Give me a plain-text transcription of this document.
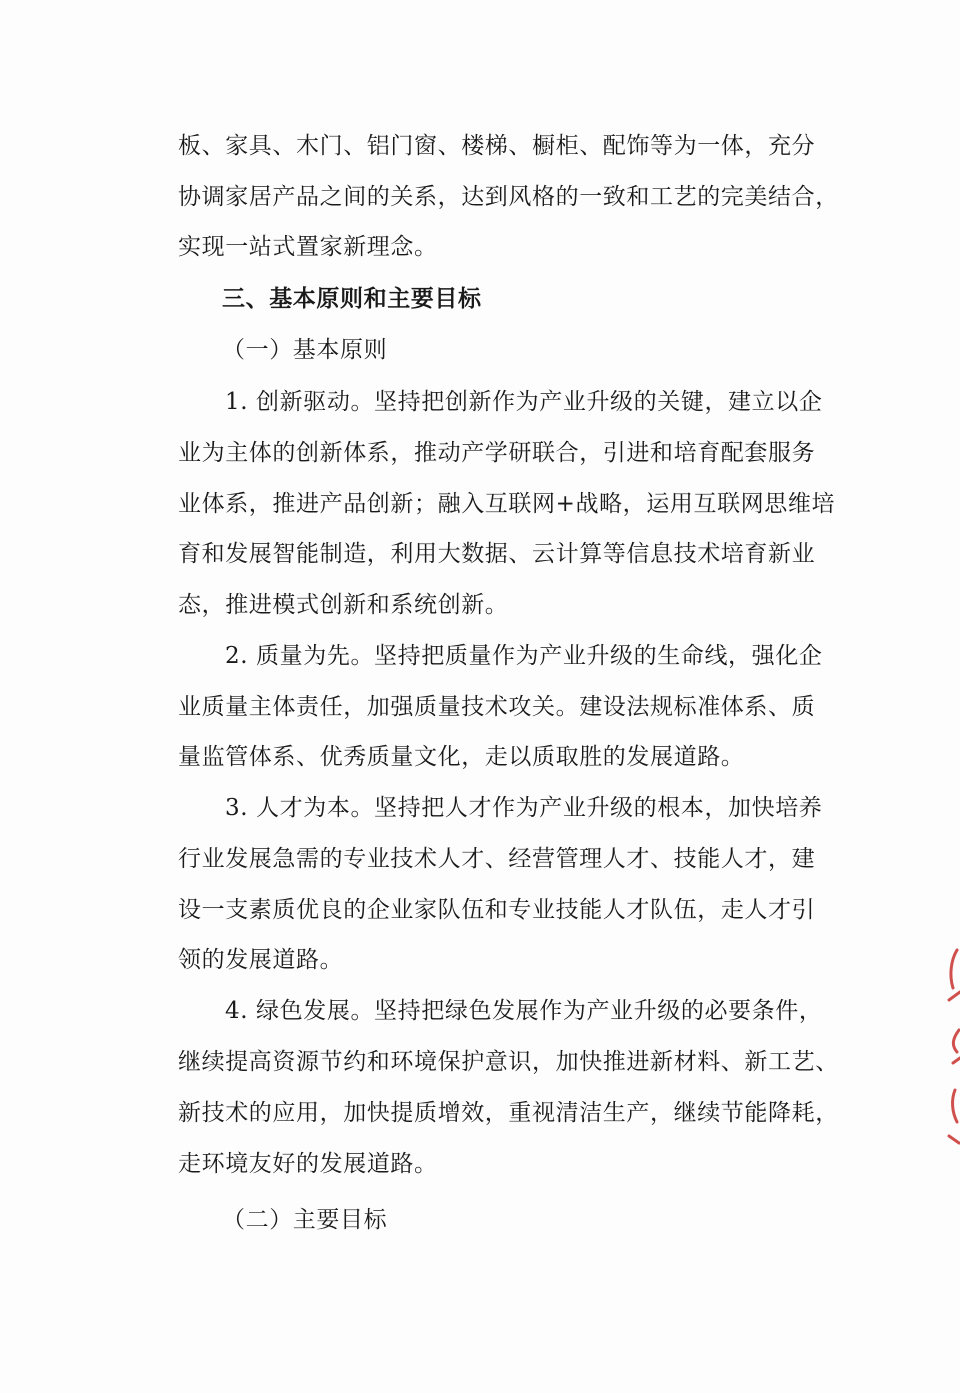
板、家具、木门、铝门窗、楼梯、橱柜、配饰等为一体，充分
协调家居产品之间的关系，达到风格的一致和工艺的完美结合，
实现一站式置家新理念。
三、基本原则和主要目标
（一）基本原则
1. 创新驱动。坚持把创新作为产业升级的关键，建立以企
业为主体的创新体系，推动产学研联合，引进和培育配套服务
业体系，推进产品创新；融入互联网+战略，运用互联网思维培
育和发展智能制造，利用大数据、云计算等信息技术培育新业
态，推进模式创新和系统创新。
2. 质量为先。坚持把质量作为产业升级的生命线，强化企
业质量主体责任，加强质量技术攻关。建设法规标准体系、质
量监管体系、优秀质量文化，走以质取胜的发展道路。
3. 人才为本。坚持把人才作为产业升级的根本，加快培养
行业发展急需的专业技术人才、经营管理人才、技能人才，建
设一支素质优良的企业家队伍和专业技能人才队伍，走人才引
领的发展道路。
4. 绿色发展。坚持把绿色发展作为产业升级的必要条件，
继续提高资源节约和环境保护意识，加快推进新材料、新工艺、
新技术的应用，加快提质增效，重视清洁生产，继续节能降耗，
走环境友好的发展道路。
（二）主要目标
